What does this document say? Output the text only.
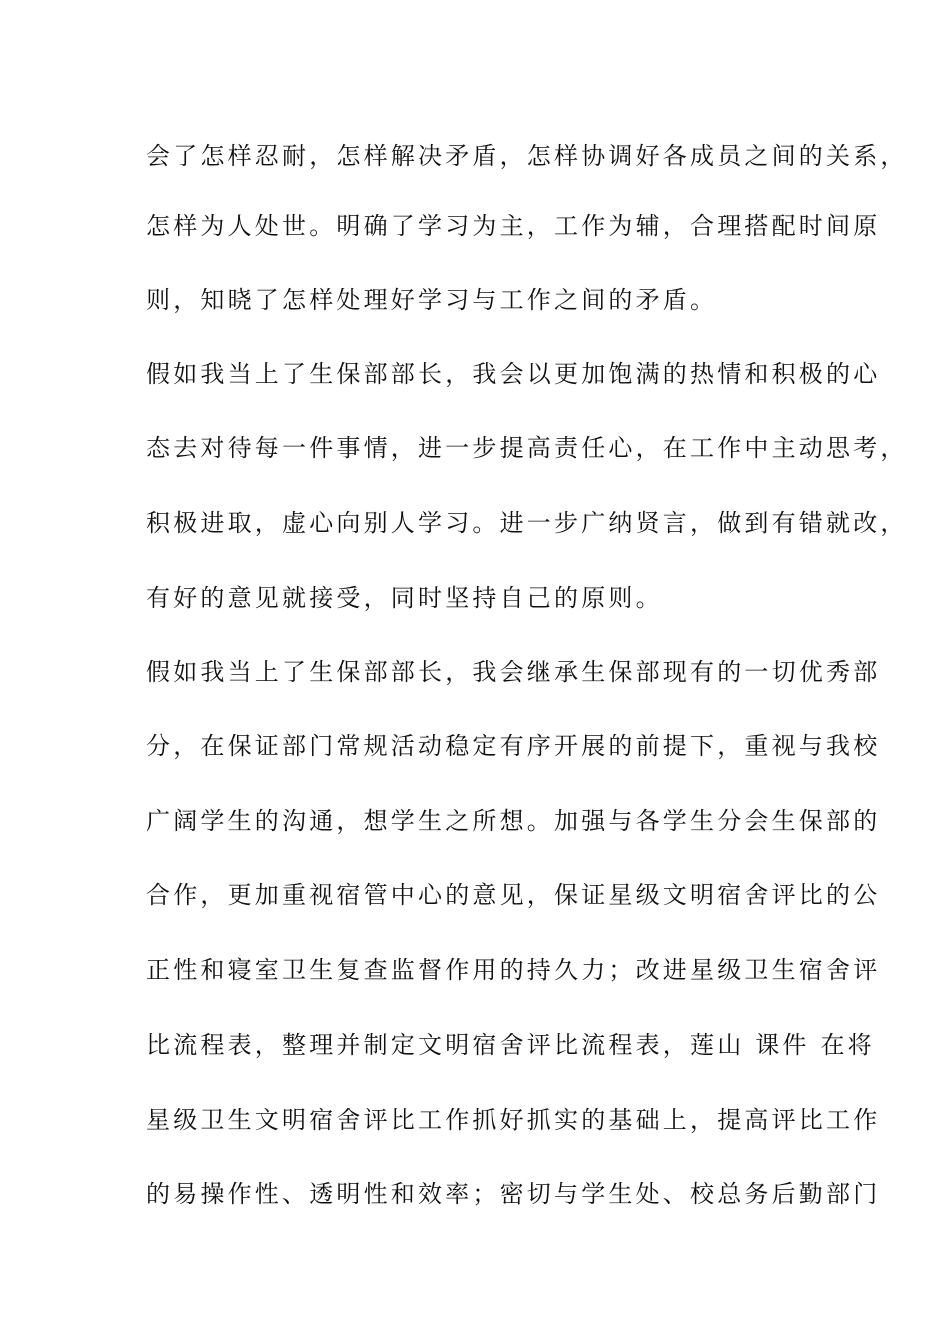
会了怎样忍耐，怎样解决矛盾，怎样协调好各成员之间的关系，
怎样为人处世。明确了学习为主，工作为辅，合理搭配时间原
则，知晓了怎样处理好学习与工作之间的矛盾。
假如我当上了生保部部长，我会以更加饱满的热情和积极的心
态去对待每一件事情，进一步提高责任心，在工作中主动思考，
积极进取，虚心向别人学习。进一步广纳贤言，做到有错就改，
有好的意见就接受，同时坚持自己的原则。
假如我当上了生保部部长，我会继承生保部现有的一切优秀部
分，在保证部门常规活动稳定有序开展的前提下，重视与我校
广阔学生的沟通，想学生之所想。加强与各学生分会生保部的
合作，更加重视宿管中心的意见，保证星级文明宿舍评比的公
正性和寝室卫生复查监督作用的持久力；改进星级卫生宿舍评
比流程表，整理并制定文明宿舍评比流程表，莲山 课件 在将
星级卫生文明宿舍评比工作抓好抓实的基础上，提高评比工作
的易操作性、透明性和效率；密切与学生处、校总务后勤部门
